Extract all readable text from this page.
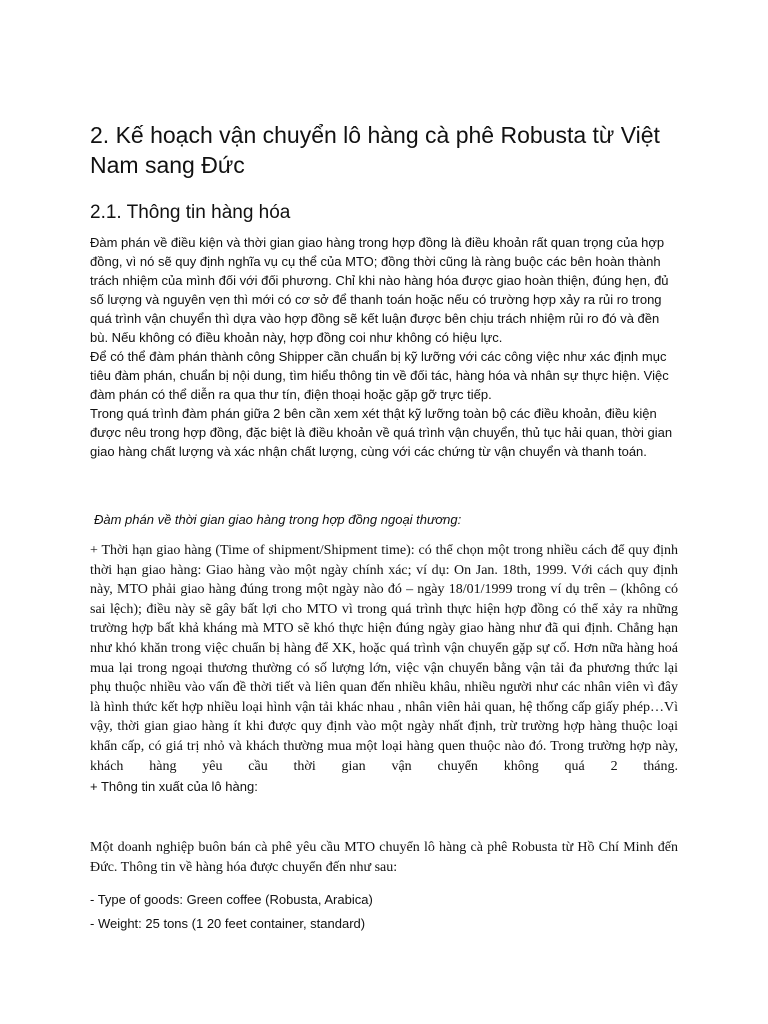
2. Kế hoạch vận chuyển lô hàng cà phê Robusta từ Việt Nam sang Đức
2.1. Thông tin hàng hóa

Đàm phán về điều kiện và thời gian giao hàng trong hợp đồng là điều khoản rất quan trọng của hợp đồng, vì nó sẽ quy định nghĩa vụ cụ thể của MTO; đồng thời cũng là ràng buộc các bên hoàn thành trách nhiệm của mình đối với đối phương. Chỉ khi nào hàng hóa được giao hoàn thiện, đúng hẹn, đủ số lượng và nguyên vẹn thì mới có cơ sở để thanh toán hoặc nếu có trường hợp xảy ra rủi ro trong quá trình vận chuyển thì dựa vào hợp đồng sẽ kết luận được bên chịu trách nhiệm rủi ro đó và đền bù. Nếu không có điều khoản này, hợp đồng coi như không có hiệu lực.

Để có thể đàm phán thành công Shipper cần chuẩn bị kỹ lưỡng với các công việc như xác định mục tiêu đàm phán, chuẩn bị nội dung, tìm hiểu thông tin về đối tác, hàng hóa và nhân sự thực hiện. Việc đàm phán có thể diễn ra qua thư tín, điện thoại hoặc gặp gỡ trực tiếp.

Trong quá trình đàm phán giữa 2 bên cần xem xét thật kỹ lưỡng toàn bộ các điều khoản, điều kiện được nêu trong hợp đồng, đặc biệt là điều khoản về quá trình vận chuyển, thủ tục hải quan, thời gian giao hàng chất lượng và xác nhận chất lượng, cùng với các chứng từ vận chuyển và thanh toán.

Đàm phán về thời gian giao hàng trong hợp đồng ngoại thương:
+ Thời hạn giao hàng (Time of shipment/Shipment time): có thể chọn một trong nhiều cách để quy định thời hạn giao hàng: Giao hàng vào một ngày chính xác; ví dụ: On Jan. 18th, 1999. Với cách quy định này, MTO phải giao hàng đúng trong một ngày nào đó – ngày 18/01/1999 trong ví dụ trên – (không có sai lệch); điều này sẽ gây bất lợi cho MTO vì trong quá trình thực hiện hợp đồng có thể xảy ra những trường hợp bất khả kháng mà MTO sẽ khó thực hiện đúng ngày giao hàng như đã qui định. Chẳng hạn như khó khăn trong việc chuẩn bị hàng để XK, hoặc quá trình vận chuyển gặp sự cố. Hơn nữa hàng hoá mua lại trong ngoại thương thường có số lượng lớn, việc vận chuyển bằng vận tải đa phương thức lại phụ thuộc nhiều vào vấn đề thời tiết và liên quan đến nhiều khâu, nhiều người như các nhân viên vì đây là hình thức kết hợp nhiều loại hình vận tải khác nhau , nhân viên hải quan, hệ thống cấp giấy phép…Vì vậy, thời gian giao hàng ít khi được quy định vào một ngày nhất định, trừ trường hợp hàng thuộc loại khẩn cấp, có giá trị nhỏ và khách thường mua một loại hàng quen thuộc nào đó. Trong trường hợp này, khách hàng yêu cầu thời gian vận chuyển không quá 2 tháng.
+ Thông tin xuất của lô hàng:
Một doanh nghiệp buôn bán cà phê yêu cầu MTO chuyển lô hàng cà phê Robusta từ Hồ Chí Minh đến Đức. Thông tin về hàng hóa được chuyển đến như sau:
- Type of goods: Green coffee (Robusta, Arabica)
- Weight: 25 tons (1 20 feet container, standard)
